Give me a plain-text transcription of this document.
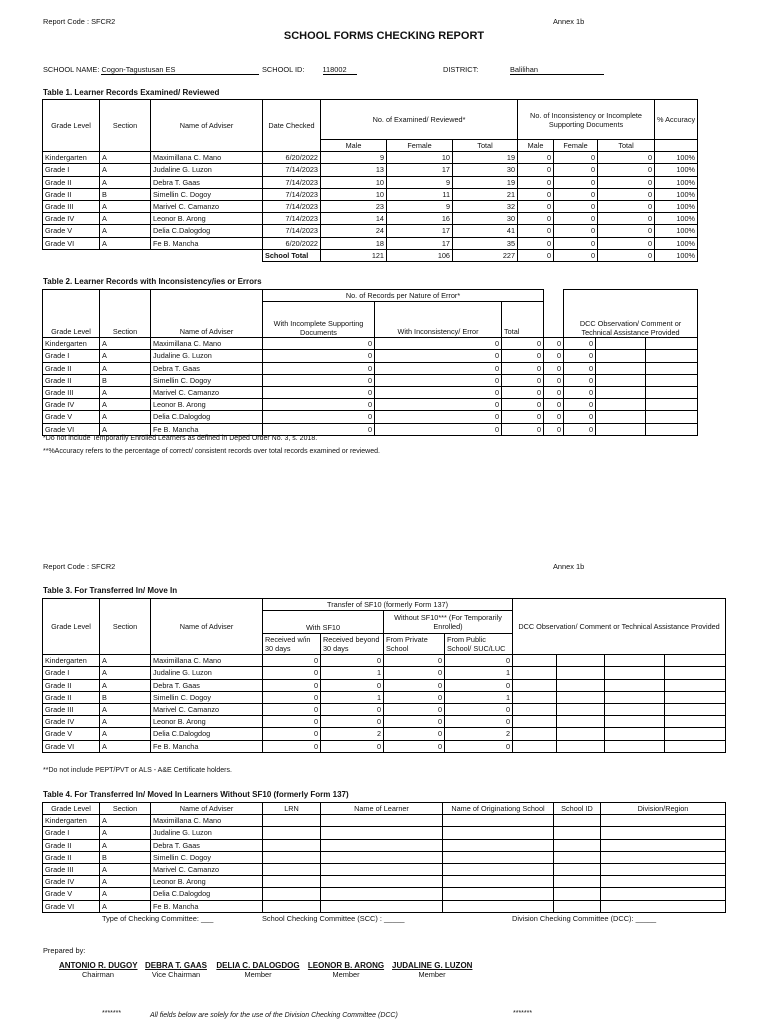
Report Code : SFCR2	Annex 1b
SCHOOL FORMS CHECKING REPORT
SCHOOL NAME: Cogon-Tagustusan ES	SCHOOL ID: 118002	DISTRICT:	Balilihan
Table 1. Learner Records Examined/ Reviewed
Grade Level	Section	Name of Adviser	Date Checked	No. of Examined/ Reviewed*			No. of Inconsistency or Incomplete Supporting Documents			% Accuracy
				Male	Female	Total	Male	Female	Total	
Kindergarten	A	Maximillana C. Mano	6/20/2022	9	10	19	0	0	0	100%
Grade I	A	Judaline G. Luzon	7/14/2023	13	17	30	0	0	0	100%
Grade II	A	Debra T. Gaas	7/14/2023	10	9	19	0	0	0	100%
Grade II	B	Simellin C. Dogoy	7/14/2023	10	11	21	0	0	0	100%
Grade III	A	Marivel C. Camanzo	7/14/2023	23	9	32	0	0	0	100%
Grade IV	A	Leonor B. Arong	7/14/2023	14	16	30	0	0	0	100%
Grade V	A	Delia C.Dalogdog	7/14/2023	24	17	41	0	0	0	100%
Grade VI	A	Fe B. Mancha	6/20/2022	18	17	35	0	0	0	100%
			School Total	121	106	227	0	0	0	100%
Table 2. Learner Records with Inconsistency/ies or Errors
Grade Level	Section	Name of Adviser	No. of Records per Nature of Error*				DCC Observation/ Comment or Technical Assistance Provided			
			With Incomplete Supporting Documents	With Inconsistency/ Error	Total					
Kindergarten	A	Maximillana C. Mano	0	0	0	0	0			
Grade I	A	Judaline G. Luzon	0	0	0	0	0			
Grade II	A	Debra T. Gaas	0	0	0	0	0			
Grade II	B	Simellin C. Dogoy	0	0	0	0	0			
Grade III	A	Marivel C. Camanzo	0	0	0	0	0			
Grade IV	A	Leonor B. Arong	0	0	0	0	0			
Grade V	A	Delia C.Dalogdog	0	0	0	0	0			
Grade VI	A	Fe B. Mancha	0	0	0	0	0			
*Do not include Temporarily Enrolled Learners as defined in Deped Order No. 3, s. 2018.
**%Accuracy refers to the percentage of correct/ consistent records over total records examined or reviewed.
Report Code : SFCR2	Annex 1b
Table 3. For Transferred In/ Move In
Grade Level	Section	Name of Adviser	Transfer of SF10 (formerly Form 137)				DCC Observation/ Comment or Technical Assistance Provided			
			With SF10		Without SF10*** (For Temporarily Enrolled)					
			Received w/in 30 days	Received beyond 30 days	From Private School	From Public School/ SUC/LUC				
Kindergarten	A	Maximillana C. Mano	0	0	0	0				
Grade I	A	Judaline G. Luzon	0	1	0	1				
Grade II	A	Debra T. Gaas	0	0	0	0				
Grade II	B	Simellin C. Dogoy	0	1	0	1				
Grade III	A	Marivel C. Camanzo	0	0	0	0				
Grade IV	A	Leonor B. Arong	0	0	0	0				
Grade V	A	Delia C.Dalogdog	0	2	0	2				
Grade VI	A	Fe B. Mancha	0	0	0	0				
**Do not include PEPT/PVT or ALS - A&E Certificate holders.
Table 4. For Transferred In/ Moved In Learners Without SF10 (formerly Form 137)
Grade Level	Section	Name of Adviser	LRN	Name of Learner	Name of Originationg School	School ID	Division/Region
Kindergarten	A	Maximillana C. Mano					
Grade I	A	Judaline G. Luzon					
Grade II	A	Debra T. Gaas					
Grade II	B	Simellin C. Dogoy					
Grade III	A	Marivel C. Camanzo					
Grade IV	A	Leonor B. Arong					
Grade V	A	Delia C.Dalogdog					
Grade VI	A	Fe B. Mancha					
Type of Checking Committee: ___	School Checking Committee (SCC) : _____	Division Checking Committee (DCC): _____
Prepared by:
ANTONIO R. DUGOY
Chairman
DEBRA T. GAAS
Vice Chairman
DELIA C. DALOGDOG
Member
LEONOR B. ARONG
Member
JUDALINE G. LUZON
Member
*******	All fields below are solely for the use of the Division Checking Committee (DCC)	*******
